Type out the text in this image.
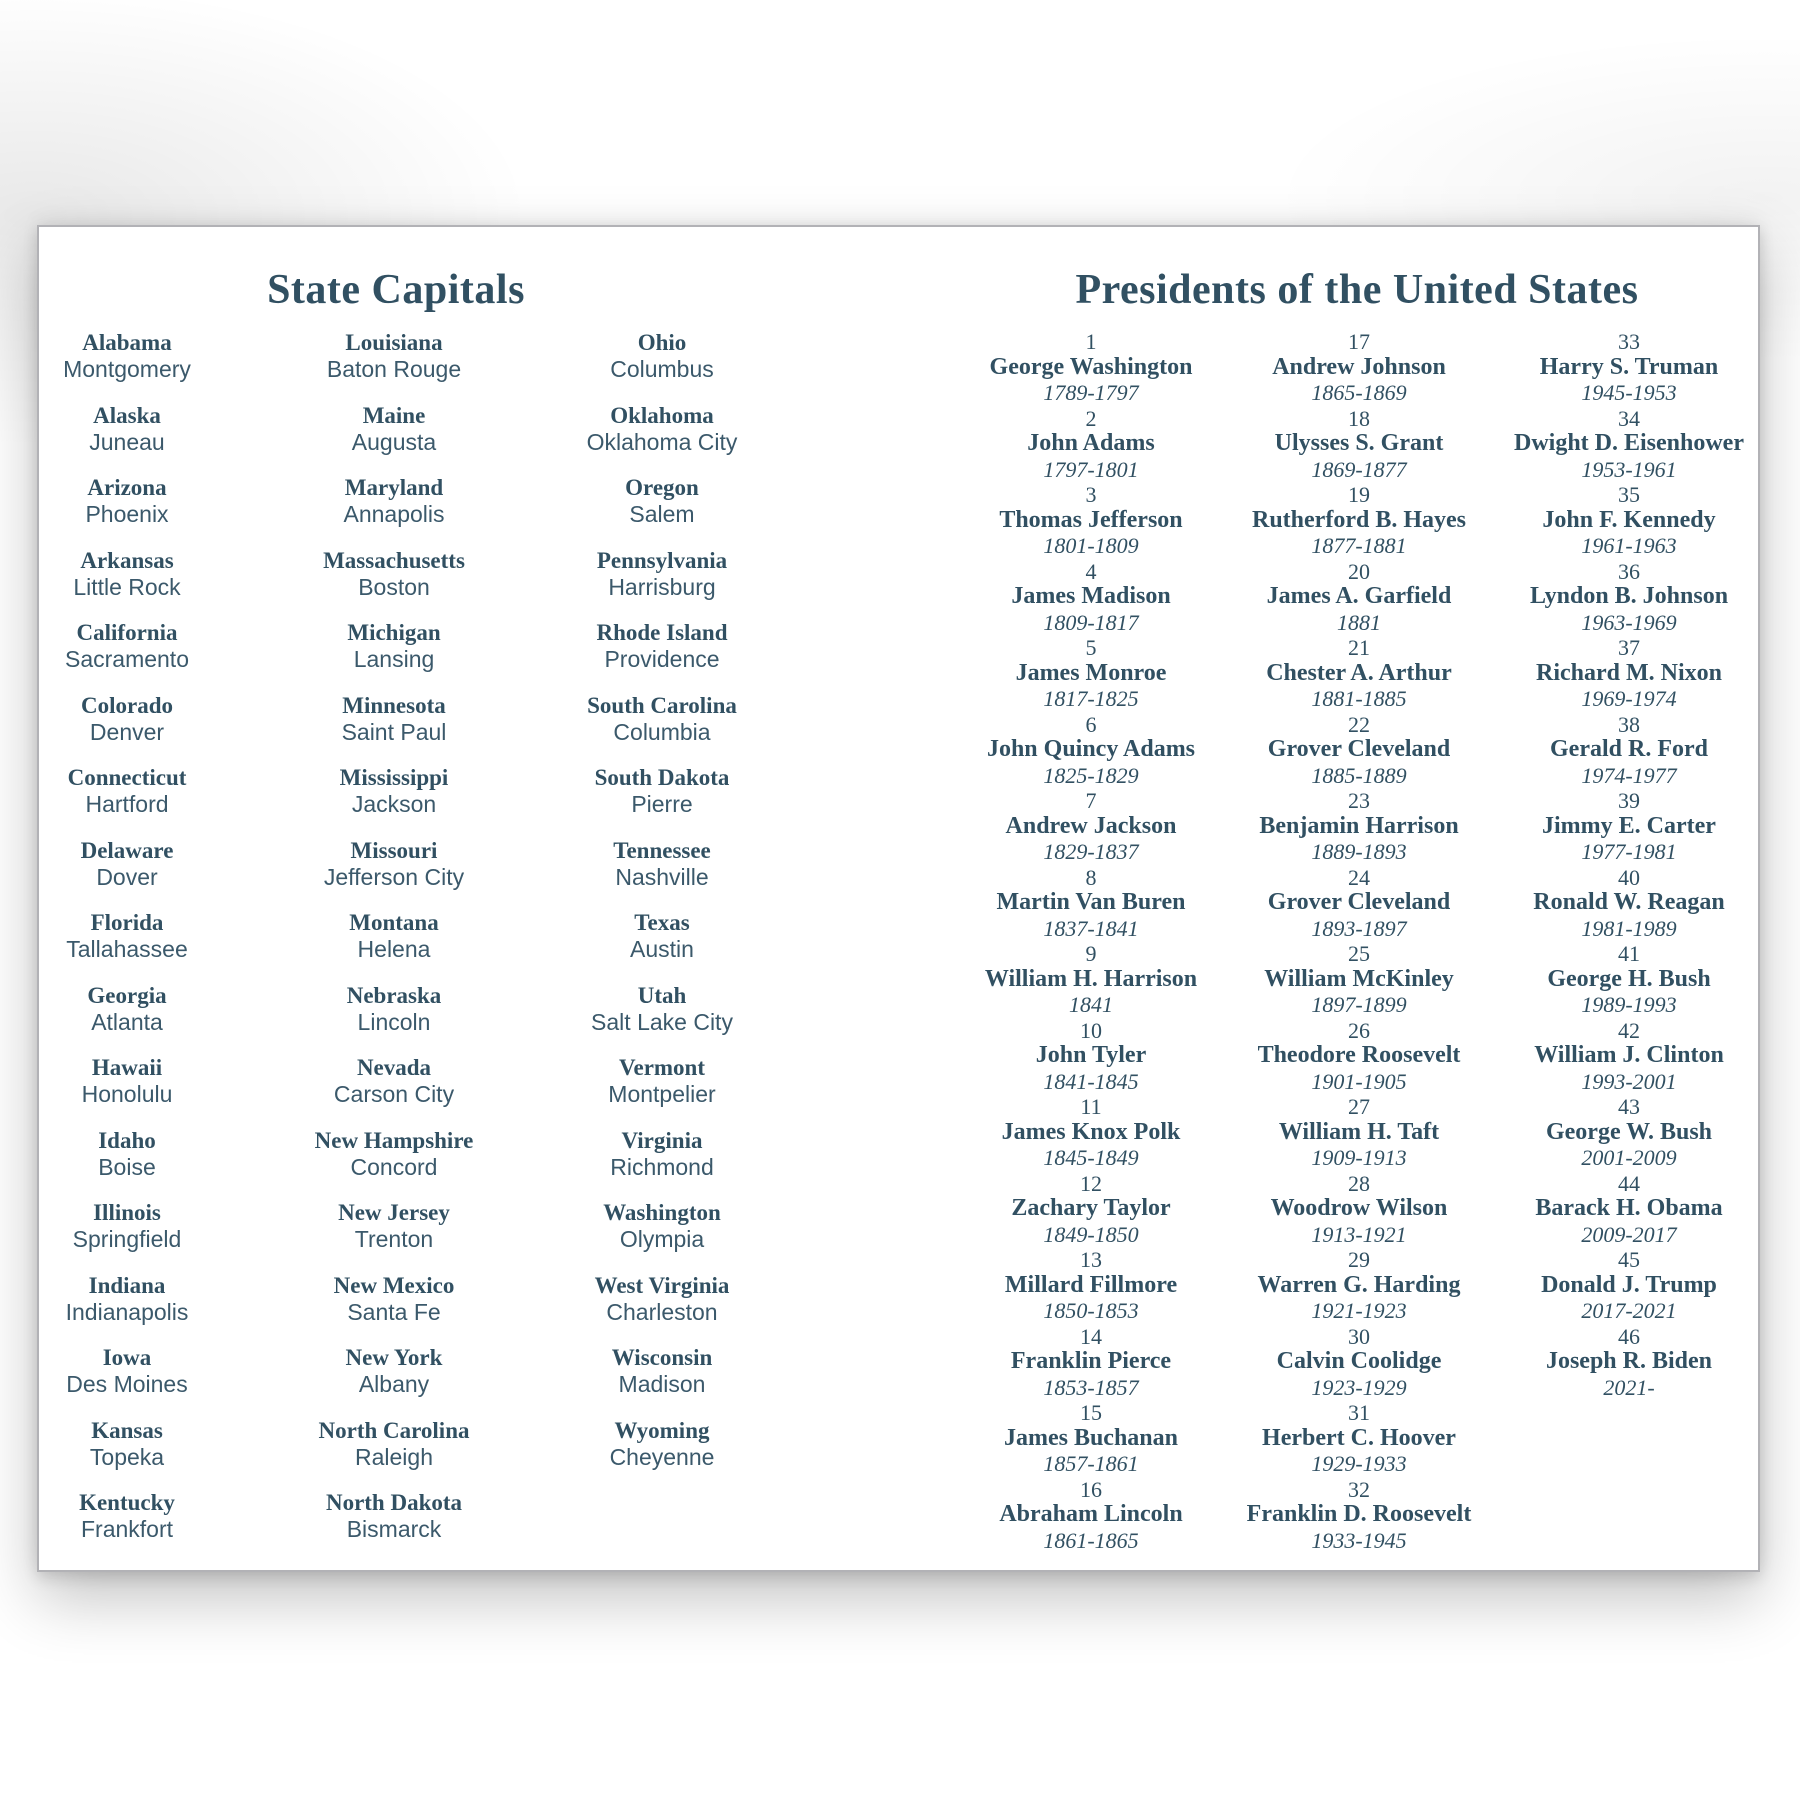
State Capitals	Presidents of the United States
Alabama
Montgomery
Alaska
Juneau
Arizona
Phoenix
Arkansas
Little Rock
California
Sacramento
Colorado
Denver
Connecticut
Hartford
Delaware
Dover
Florida
Tallahassee
Georgia
Atlanta
Hawaii
Honolulu
Idaho
Boise
Illinois
Springfield
Indiana
Indianapolis
Iowa
Des Moines
Kansas
Topeka
Kentucky
Frankfort
Louisiana
Baton Rouge
Maine
Augusta
Maryland
Annapolis
Massachusetts
Boston
Michigan
Lansing
Minnesota
Saint Paul
Mississippi
Jackson
Missouri
Jefferson City
Montana
Helena
Nebraska
Lincoln
Nevada
Carson City
New Hampshire
Concord
New Jersey
Trenton
New Mexico
Santa Fe
New York
Albany
North Carolina
Raleigh
North Dakota
Bismarck
Ohio
Columbus
Oklahoma
Oklahoma City
Oregon
Salem
Pennsylvania
Harrisburg
Rhode Island
Providence
South Carolina
Columbia
South Dakota
Pierre
Tennessee
Nashville
Texas
Austin
Utah
Salt Lake City
Vermont
Montpelier
Virginia
Richmond
Washington
Olympia
West Virginia
Charleston
Wisconsin
Madison
Wyoming
Cheyenne
1
George Washington
1789-1797
2
John Adams
1797-1801
3
Thomas Jefferson
1801-1809
4
James Madison
1809-1817
5
James Monroe
1817-1825
6
John Quincy Adams
1825-1829
7
Andrew Jackson
1829-1837
8
Martin Van Buren
1837-1841
9
William H. Harrison
1841
10
John Tyler
1841-1845
11
James Knox Polk
1845-1849
12
Zachary Taylor
1849-1850
13
Millard Fillmore
1850-1853
14
Franklin Pierce
1853-1857
15
James Buchanan
1857-1861
16
Abraham Lincoln
1861-1865
17
Andrew Johnson
1865-1869
18
Ulysses S. Grant
1869-1877
19
Rutherford B. Hayes
1877-1881
20
James A. Garfield
1881
21
Chester A. Arthur
1881-1885
22
Grover Cleveland
1885-1889
23
Benjamin Harrison
1889-1893
24
Grover Cleveland
1893-1897
25
William McKinley
1897-1899
26
Theodore Roosevelt
1901-1905
27
William H. Taft
1909-1913
28
Woodrow Wilson
1913-1921
29
Warren G. Harding
1921-1923
30
Calvin Coolidge
1923-1929
31
Herbert C. Hoover
1929-1933
32
Franklin D. Roosevelt
1933-1945
33
Harry S. Truman
1945-1953
34
Dwight D. Eisenhower
1953-1961
35
John F. Kennedy
1961-1963
36
Lyndon B. Johnson
1963-1969
37
Richard M. Nixon
1969-1974
38
Gerald R. Ford
1974-1977
39
Jimmy E. Carter
1977-1981
40
Ronald W. Reagan
1981-1989
41
George H. Bush
1989-1993
42
William J. Clinton
1993-2001
43
George W. Bush
2001-2009
44
Barack H. Obama
2009-2017
45
Donald J. Trump
2017-2021
46
Joseph R. Biden
2021-
